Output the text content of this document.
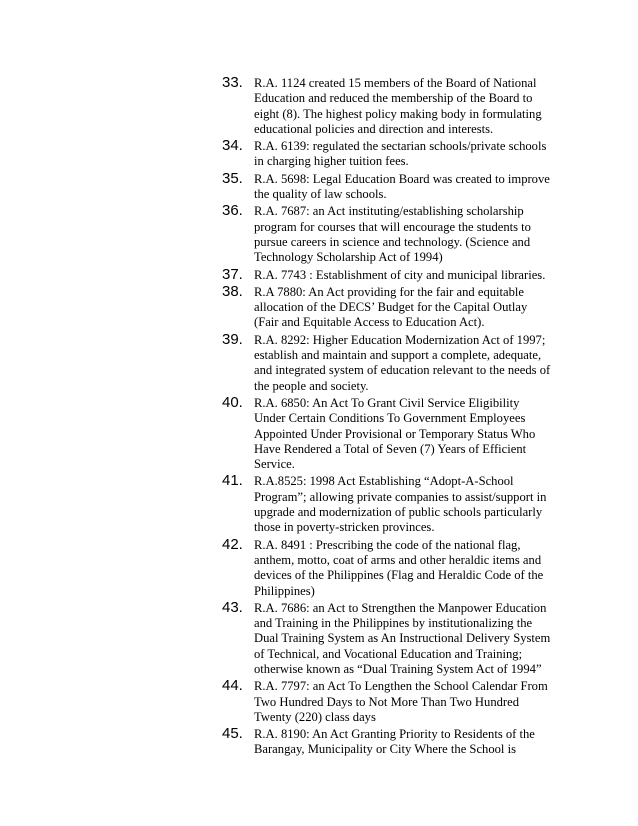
33. R.A. 1124 created 15 members of the Board of National Education and reduced the membership of the Board to eight (8). The highest policy making body in formulating educational policies and direction and interests.
34. R.A. 6139: regulated the sectarian schools/private schools in charging higher tuition fees.
35. R.A. 5698: Legal Education Board was created to improve the quality of law schools.
36. R.A. 7687: an Act instituting/establishing scholarship program for courses that will encourage the students to pursue careers in science and technology. (Science and Technology Scholarship Act of 1994)
37. R.A. 7743 : Establishment of city and municipal libraries.
38. R.A 7880: An Act providing for the fair and equitable allocation of the DECS’ Budget for the Capital Outlay (Fair and Equitable Access to Education Act).
39. R.A. 8292: Higher Education Modernization Act of 1997; establish and maintain and support a complete, adequate, and integrated system of education relevant to the needs of the people and society.
40. R.A. 6850: An Act To Grant Civil Service Eligibility Under Certain Conditions To Government Employees Appointed Under Provisional or Temporary Status Who Have Rendered a Total of Seven (7) Years of Efficient Service.
41. R.A.8525: 1998 Act Establishing “Adopt-A-School Program”; allowing private companies to assist/support in upgrade and modernization of public schools particularly those in poverty-stricken provinces.
42. R.A. 8491 : Prescribing the code of the national flag, anthem, motto, coat of arms and other heraldic items and devices of the Philippines (Flag and Heraldic Code of the Philippines)
43. R.A. 7686: an Act to Strengthen the Manpower Education and Training in the Philippines by institutionalizing the Dual Training System as An Instructional Delivery System of Technical, and Vocational Education and Training; otherwise known as “Dual Training System Act of 1994”
44. R.A. 7797: an Act To Lengthen the School Calendar From Two Hundred Days to Not More Than Two Hundred Twenty (220) class days
45. R.A. 8190: An Act Granting Priority to Residents of the Barangay, Municipality or City Where the School is
